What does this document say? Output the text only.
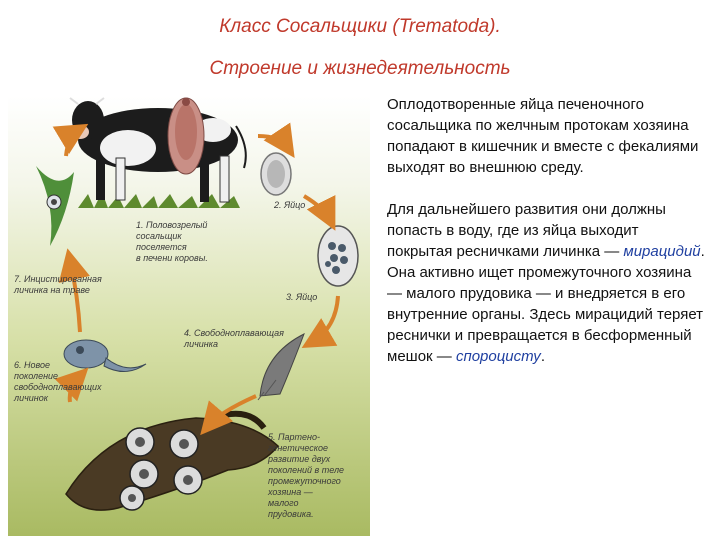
Класс Сосальщики (Trematoda).
Строение и жизнедеятельность
1. Половозрелый
сосальщик
поселяется
в печени коровы.
2. Яйцо
3. Яйцо
4. Свободноплавающая
личинка
5. Партено-
генетическое
развитие двух
поколений в теле
промежуточного
хозяина —
малого
прудовика.
6. Новое
поколение
свободноплавающих
личинок
7. Инцистированная
личинка на траве

Оплодотворенные яйца печеночного сосальщика по желчным протокам хозяина попадают в кишечник и вместе с фекалиями выходят во внешнюю среду.

Для дальнейшего развития они должны попасть в воду, где из яйца выходит покрытая ресничками личинка — мирацидий. Она активно ищет промежуточного хозяина — малого прудовика — и внедряется в его внутренние органы. Здесь мирацидий теряет реснички и превращается в бесформенный мешок — спороцисту.
